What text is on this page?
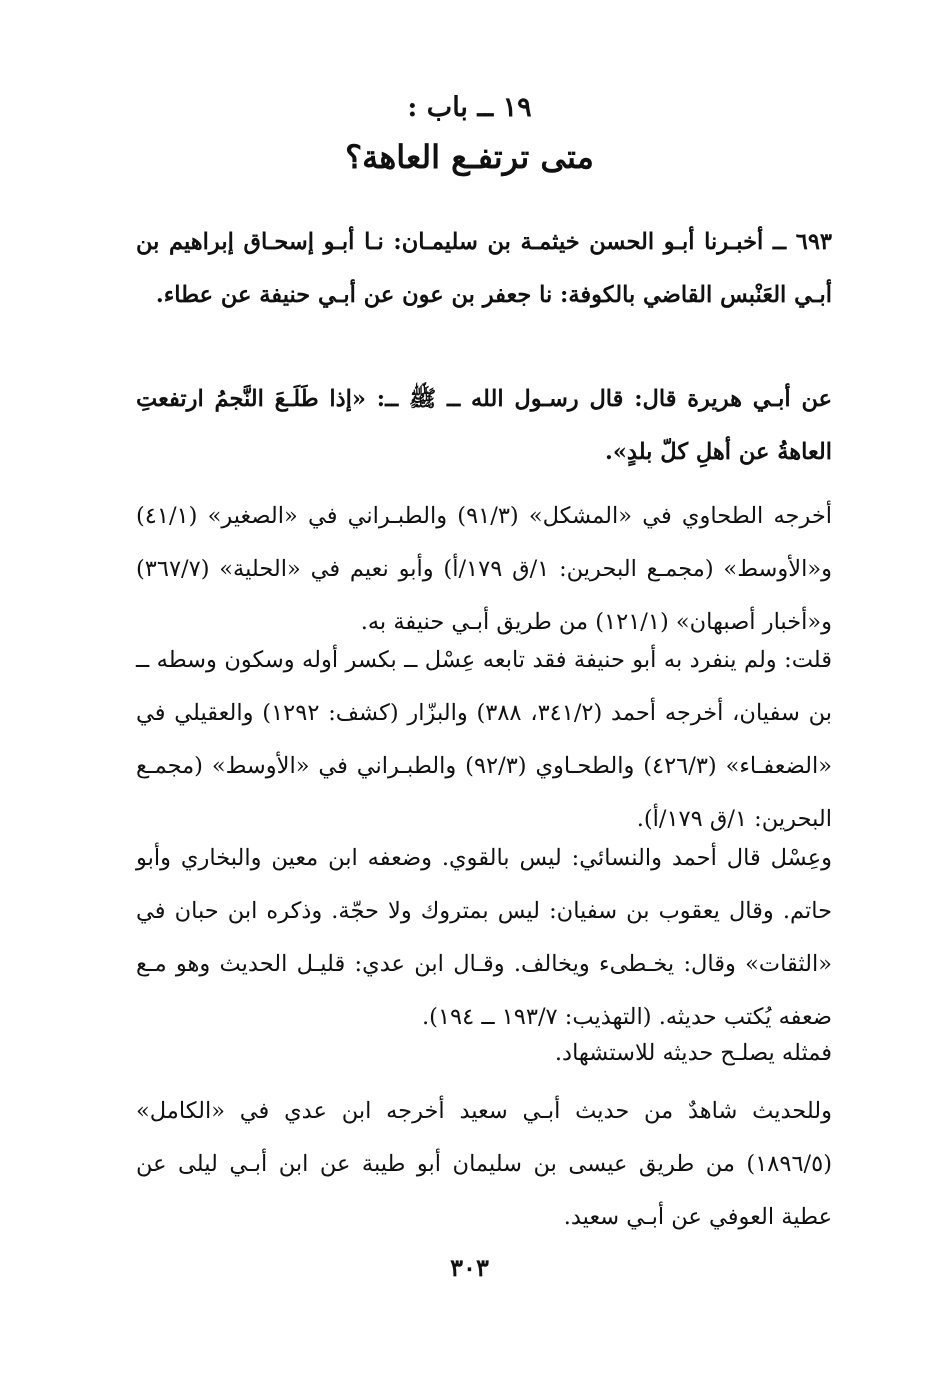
١٩ ــ باب :
متى ترتفـع العاهة؟

٦٩٣ ــ أخبـرنا أبـو الحسن خيثمـة بن سليمـان: نـا أبـو إسحـاق إبراهيم بن أبـي العَنْبس القاضي بالكوفة: نا جعفر بن عون عن أبـي حنيفة عن عطاء.

عن أبـي هريرة قال: قال رسـول الله ــ ﷺ ــ: «إذا طَلَـعَ النَّجمُ ارتفعتِ العاهةُ عن أهلِ كلّ بلدٍ».

أخرجه الطحاوي في «المشكل» (٩١/٣) والطبـراني في «الصغير» (٤١/١) و«الأوسط» (مجمـع البحرين: ١/ق ١٧٩/أ) وأبو نعيم في «الحلية» (٣٦٧/٧) و«أخبار أصبهان» (١٢١/١) من طريق أبـي حنيفة به.

قلت: ولم ينفرد به أبو حنيفة فقد تابعه عِسْل ــ بكسر أوله وسكون وسطه ــ بن سفيان، أخرجه أحمد (٣٤١/٢، ٣٨٨) والبزّار (كشف: ١٢٩٢) والعقيلي في «الضعفـاء» (٤٢٦/٣) والطحـاوي (٩٢/٣) والطبـراني في «الأوسط» (مجمـع البحرين: ١/ق ١٧٩/أ).

وعِسْل قال أحمد والنسائي: ليس بالقوي. وضعفه ابن معين والبخاري وأبو حاتم. وقال يعقوب بن سفيان: ليس بمتروك ولا حجّة. وذكره ابن حبان في «الثقات» وقال: يخـطىء ويخالف. وقـال ابن عدي: قليـل الحديث وهو مـع ضعفه يُكتب حديثه. (التهذيب: ١٩٣/٧ ــ ١٩٤).

فمثله يصلـح حديثه للاستشهاد.

وللحديث شاهدٌ من حديث أبـي سعيد أخرجه ابن عدي في «الكامل» (١٨٩٦/٥) من طريق عيسى بن سليمان أبو طيبة عن ابن أبـي ليلى عن عطية العوفي عن أبـي سعيد.

٣٠٣
